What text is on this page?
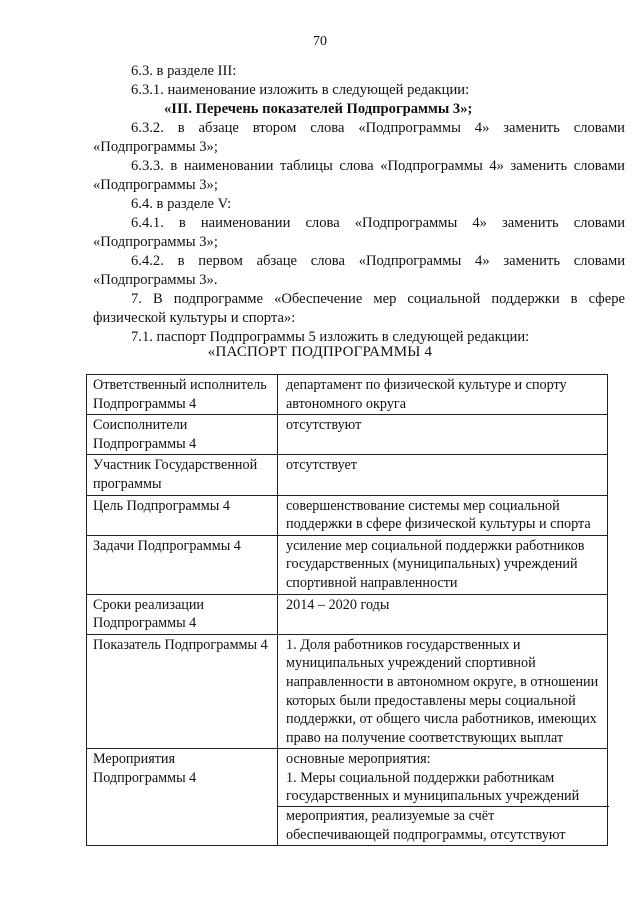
70

6.3. в разделе III:

6.3.1. наименование изложить в следующей редакции:

«III. Перечень показателей Подпрограммы 3»;

6.3.2. в абзаце втором слова «Подпрограммы 4» заменить словами «Подпрограммы 3»;

6.3.3. в наименовании таблицы слова «Подпрограммы 4» заменить словами «Подпрограммы 3»;

6.4. в разделе V:

6.4.1. в наименовании слова «Подпрограммы 4» заменить словами «Подпрограммы 3»;

6.4.2. в первом абзаце слова «Подпрограммы 4» заменить словами «Подпрограммы 3».

7. В подпрограмме «Обеспечение мер социальной поддержки в сфере физической культуры и спорта»:

7.1. паспорт Подпрограммы 5 изложить в следующей редакции:

«ПАСПОРТ ПОДПРОГРАММЫ 4
Ответственный исполнитель Подпрограммы 4	департамент по физической культуре и спорту автономного округа
Соисполнители Подпрограммы 4	отсутствуют
Участник Государственной программы	отсутствует
Цель Подпрограммы 4	совершенствование системы мер социальной поддержки в сфере физической культуры и спорта
Задачи Подпрограммы 4	усиление мер социальной поддержки работников государственных (муниципальных) учреждений спортивной направленности
Сроки реализации Подпрограммы 4	2014 – 2020 годы
Показатель Подпрограммы 4	1. Доля работников государственных и муниципальных учреждений спортивной направленности в автономном округе, в отношении которых были предоставлены меры социальной поддержки, от общего числа работников, имеющих право на получение соответствующих выплат
Мероприятия Подпрограммы 4	основные мероприятия:
1. Меры социальной поддержки работникам государственных и муниципальных учреждений
мероприятия, реализуемые за счёт обеспечивающей подпрограммы, отсутствуют
